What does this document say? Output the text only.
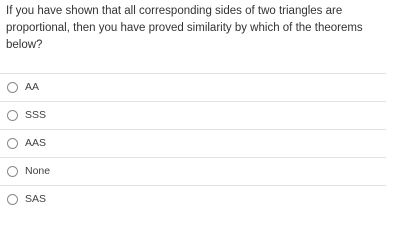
If you have shown that all corresponding sides of two triangles are proportional, then you have proved similarity by which of the theorems below?

AA
SSS
AAS
None
SAS
